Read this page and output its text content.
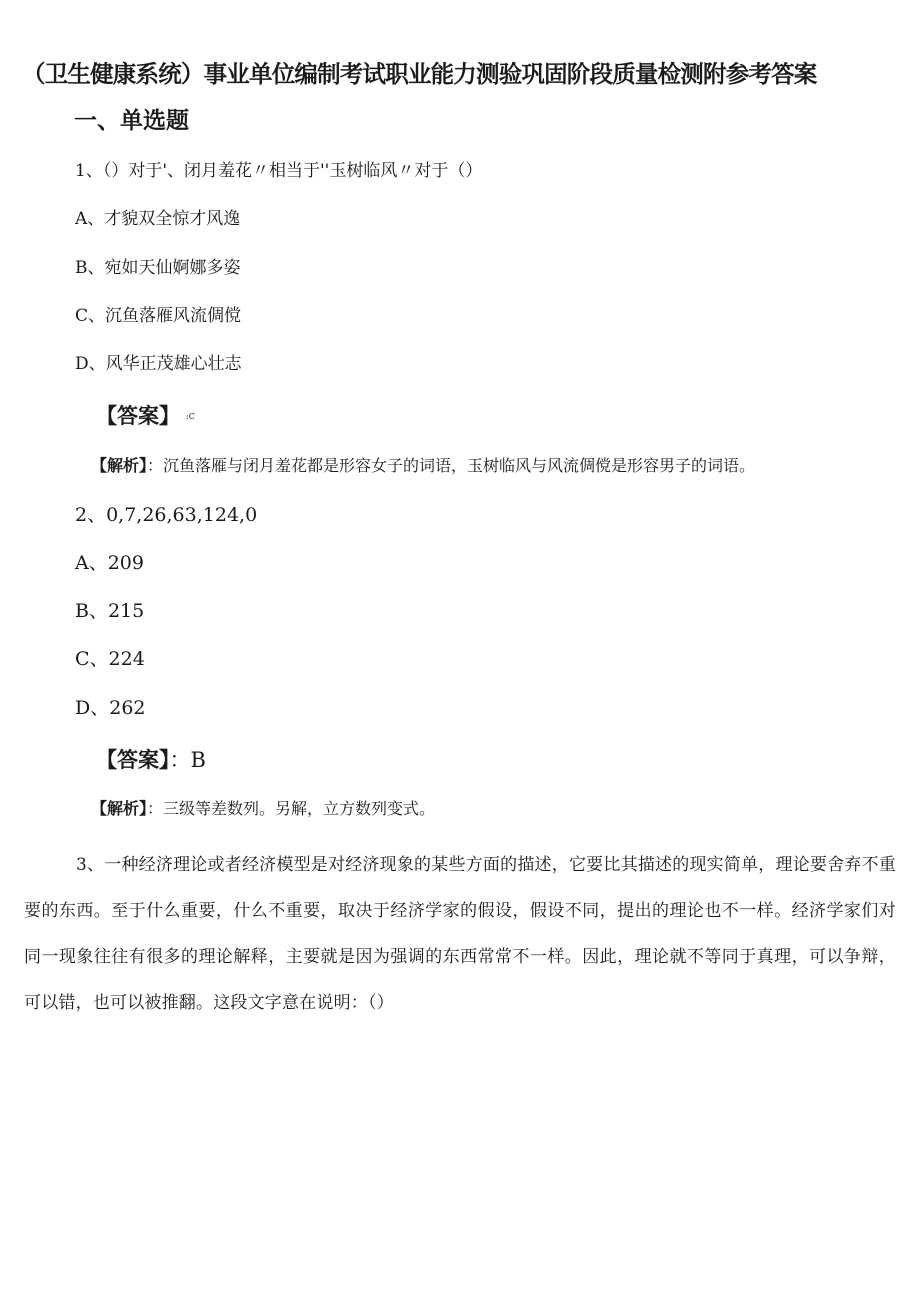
（卫生健康系统）事业单位编制考试职业能力测验巩固阶段质量检测附参考答案
一、单选题
1、（）对于'、闭月羞花〃相当于''玉树临风〃对于（）
A、才貌双全惊才风逸
B、宛如天仙婀娜多姿
C、沉鱼落雁风流倜傥
D、风华正茂雄心壮志
【答案】 :C
【解析】：沉鱼落雁与闭月羞花都是形容女子的词语，玉树临风与风流倜傥是形容男子的词语。
2、0,7,26,63,124,0
A、209
B、215
C、224
D、262
【答案】：B
【解析】：三级等差数列。另解，立方数列变式。
3、一种经济理论或者经济模型是对经济现象的某些方面的描述，它要比其描述的现实简单，理论要舍弃不重要的东西。至于什么重要，什么不重要，取决于经济学家的假设，假设不同，提出的理论也不一样。经济学家们对同一现象往往有很多的理论解释，主要就是因为强调的东西常常不一样。因此，理论就不等同于真理，可以争辩，可以错，也可以被推翻。这段文字意在说明：（）
